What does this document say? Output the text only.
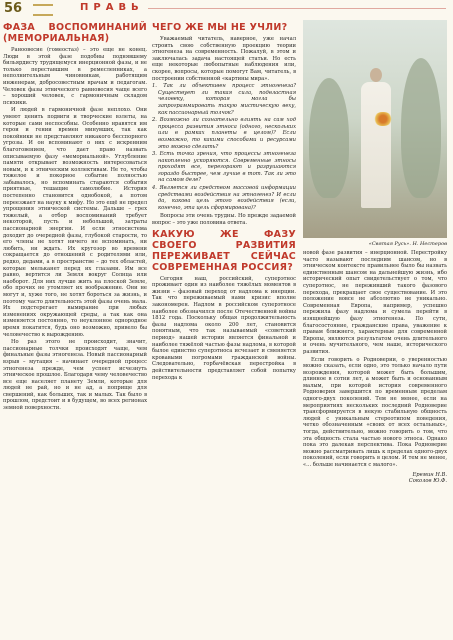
56	ПРАВЬ
ФАЗА ВОСПОМИНАНИЙ (МЕМОРИАЛЬНАЯ)

Раноовесие (гомеостаз) – это еще не конец. Люди в этой фазе подобны поднявшему бильярдисту трудящемуся инерционной фазы, и не только переставшим в ремесленниках, а неполнительным чиновникам, работящим инженерам, добросовестным врачам и педагогам. Человек фазы этнического равновесия чаще всего – хороший человек, с гармоничным складом психики.

И людей в гармоничной фазе неплохо. Они умеют ценить подвиги и творческие взлеты, на которые сами неспособны. Особенно нравятся им герои и гении времен минувших, так как покойники не представляют никакого бесспорного угрозы. И он вспоминают о них с искренним благоговением, что дает право назвать описываемую фазу «мемориальной». Углубление памяти открывает возможность интересоваться новым, и к этническим коллективам. Не то, чтобы тяжелое и покорное событие полностью забывалось, но вспоминать стараются события приятные, тешащие самолюбие. История постепенно становится однобокой, а потом переезжает на науку к мифу. Но это ещё не предел упрощения этнической системы. Дальше – грех тяжелый, а отбор воспоминаний требует некоторой, пусть и небольшой, затраты пассионарной энергии. И если этносистема доходит до очередной фазы, глубокой старости, то его члены не хотят ничего не вспоминать, ни любить, ни ждать. Их кругозор во времени сокращается до отношений с родителями или, редко, дедами, а в пространстве – до тех областей, которые мельканет перед их глазами. Им все равно, вертится ли Земля вокруг Солнца или наоборот. Для них лучше жить на плоской Земле, обо прочих не утомляет их воображение. Они не могут и, хуже того, не хотят бороться за жизнь, и поэтому часто длительность этой фазы очень мала. Их подстерегает вымирание при любых изменениях окружающей среды, а так как она изменяется постоянно, то неуклонное однородное время покатится, будь оно возможно, привело бы человечество к вырождению.

Но раз этого не происходит, значит, пассионарные толчки происходят чаще, чем финальные фазы этногенеза. Новый пассионарный взрыв – мутация – начинает очередной процесс этногенеза прежде, чем успеет исчезнуть этническое прошлое. Благодаря чему человечество все еще населяет планету Земли, которые для людей не рай, но и не ад, а поприще для свершений, как больших, так и малых. Так было в прошлом, предстоит и в будущем, во всех регионах земной поверхности.

ЧЕГО ЖЕ МЫ НЕ УЧЛИ?

Уважаемый читатель, наверное, уже начал строить свою собственную проекцию теории этногенеза на современность. Пожалуй, в этом и заключалась задача настоящей статьи. Но есть еще некоторые любопытные наблюдения или, скорее, вопросы, которые помогут Вам, читатель, в построении собственной «картины мира».

1. Так ли объективен процесс этногенеза? Существует ли такая сила, подвластная человеку, которая могла бы запрограммировать такую мистическую веху, как пассионарный толчок?
2. Возможно ли сознательно влиять на сам ход процесса развития этноса (одного, нескольких или в рамках планеты в целом)? Если возможно, то какими способами и ресурсами это можно сделать?
3. Есть точка зрения, что процессы этногенеза накопленно ускоряются. Современные этносы проходят все, перегорают и разрушаются гораздо быстрее, чем лучше в тот. Так ли это на самом деле?
4. Является ли средством массовой информации средствами воздействия на этногенез? И если да, какова цель этого воздействия (если, конечно, эта цель сформирована)?

Вопросы эти очень трудны. Но прежде задаемой вопрос – это уже половина ответа.

КАКУЮ ЖЕ ФАЗУ СВОЕГО РАЗВИТИЯ ПЕРЕЖИВАЕТ СЕЙЧАС СОВРЕМЕННАЯ РОССИЯ?

Сегодня наш, российский, суперэтнос проживает один из наиболее тяжёлых моментов в жизни – фазовый переход от надлома к инерции. Так что переживаемый нами кризис вполне закономерен. Надлом в российском суперэтносе наиболее обозначился после Отечественной войны 1812 года. Поскольку общая продолжительность фазы надлома около 200 лет, становится понятным, что так называемый «советский период» нашей истории является финальной и наиболее тяжёлой частью фазы надлома, в которой былое единство суперэтноса исчезает и сменяется кровавыми погромами гражданской войны. Следовательно, горбачёвская перестройка в действительности представляет собой попытку перехода к

«Святая Русь». Н. Нестеров

новой фазе развития – инерционной. Перестройку часто называют последним шансом, но в этническом контексте правильнее было бы назвать единственным шансом на дальнейшую жизнь, ибо исторический опыт свидетельствует о том, что суперэтнос, не переживший такого фазового перехода, прекращает свое существование. И это положение вовсе не абсолютно не уникально. Современная Европа, например, успешно пережила фазу надлома и сумела перейти в изящнейшую фазу этногенеза. По сути, благосостояние, гражданские права, уважение к правам ближнего, характерные для современной Европы, являются результатом очень длительного и очень мучительного, чем наше, исторического развития.

Если говорить о Родноверии, о уверенностью можно сказать, если одно, это только начало пути возрождения, которой может быть большим, длинное в сотни лет, а может быть и основанным малым, при которой история современного Родноверия завершится по временным пределам одного-двух поколений. Тем не менее, если на мероприятиях нескольких последний Родноверие трансформируется в некую стабильную общность людей с уникальным стереотипом поведения, четко обозначенным «своих от всех остальных», тогда, действительно, можно говорить о том, что эта общность стала частью нового этноса. Однако пока это далекая перспектива. Пока Родноверие можно рассматривать лишь к пределах одного-двух поколений, если говорить в целом. И тем не менее, «... больше начинается с малого».

Еремин Н.В.
Соколов Ю.Ф.
